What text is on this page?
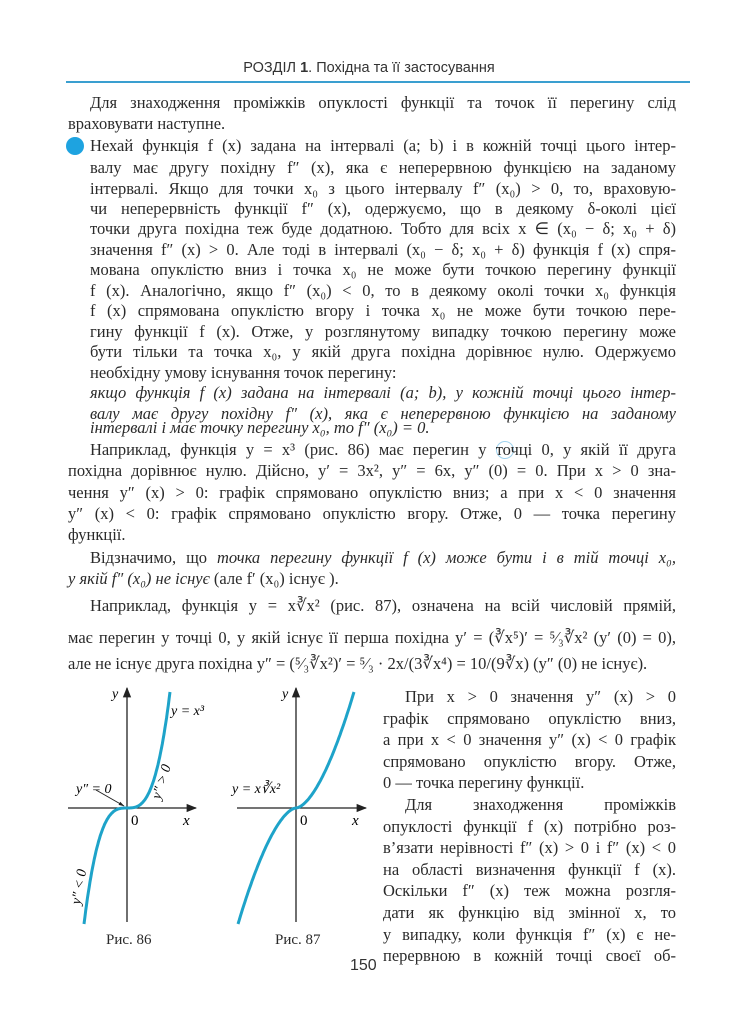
РОЗДІЛ 1. Похідна та її застосування
Для знаходження проміжків опуклості функції та точок її перегину слід
враховувати наступне.
Нехай функція f (x) задана на інтервалі (a; b) і в кожній точці цього інтер-
валу має другу похідну f″ (x), яка є неперервною функцією на заданому
інтервалі. Якщо для точки x₀ з цього інтервалу f″ (x₀) > 0, то, враховую-
чи неперервність функції f″ (x), одержуємо, що в деякому δ-околі цієї
точки друга похідна теж буде додатною. Тобто для всіх x ∈ (x₀ − δ; x₀ + δ)
значення f″ (x) > 0. Але тоді в інтервалі (x₀ − δ; x₀ + δ) функція f (x) спря-
мована опуклістю вниз і точка x₀ не може бути точкою перегину функції
f (x). Аналогічно, якщо f″ (x₀) < 0, то в деякому околі точки x₀ функція
f (x) спрямована опуклістю вгору і точка x₀ не може бути точкою пере-
гину функції f (x). Отже, у розглянутому випадку точкою перегину може
бути тільки та точка x₀, у якій друга похідна дорівнює нулю. Одержуємо
необхідну умову існування точок перегину:
якщо функція f (x) задана на інтервалі (a; b), у кожній точці цього інтер-
валу має другу похідну f″ (x), яка є неперервною функцією на заданому
інтервалі і має точку перегину x₀, то f″ (x₀) = 0.
Наприклад, функція y = x³ (рис. 86) має перегин у точці 0, у якій її друга
похідна дорівнює нулю. Дійсно, y′ = 3x², y″ = 6x, y″ (0) = 0. При x > 0 зна-
чення y″ (x) > 0: графік спрямовано опуклістю вниз; а при x < 0 значення
y″ (x) < 0: графік спрямовано опуклістю вгору. Отже, 0 — точка перегину
функції.
Відзначимо, що точка перегину функції f (x) може бути і в тій точці x₀,
у якій f″ (x₀) не існує (але f′ (x₀) існує ).
Наприклад, функція y = x∛x² (рис. 87), означена на всій числовій прямій,
має перегин у точці 0, у якій існує її перша похідна y′ = (∛x⁵)′ = ⁵⁄₃∛x² (y′ (0) = 0),
але не існує друга похідна y″ = (⁵⁄₃∛x²)′ = ⁵⁄₃ · 2x/(3∛x⁴) = 10/(9∛x) (y″ (0) не існує).
При x > 0 значення y″ (x) > 0
графік спрямовано опуклістю вниз,
а при x < 0 значення y″ (x) < 0 графік
спрямовано опуклістю вгору. Отже,
0 — точка перегину функції.
Для знаходження проміжків
опуклості функції f (x) потрібно роз-
в’язати нерівності f″ (x) > 0 і f″ (x) < 0
на області визначення функції f (x).
Оскільки f″ (x) теж можна розгля-
дати як функцію від змінної x, то
у випадку, коли функція f″ (x) є не-
перервною в кожній точці своєї об-
y
x
0
y = x³
y″ = 0	y″ > 0
y″ < 0
y
x
0
y = x∛x²
Рис. 86	Рис. 87
150
